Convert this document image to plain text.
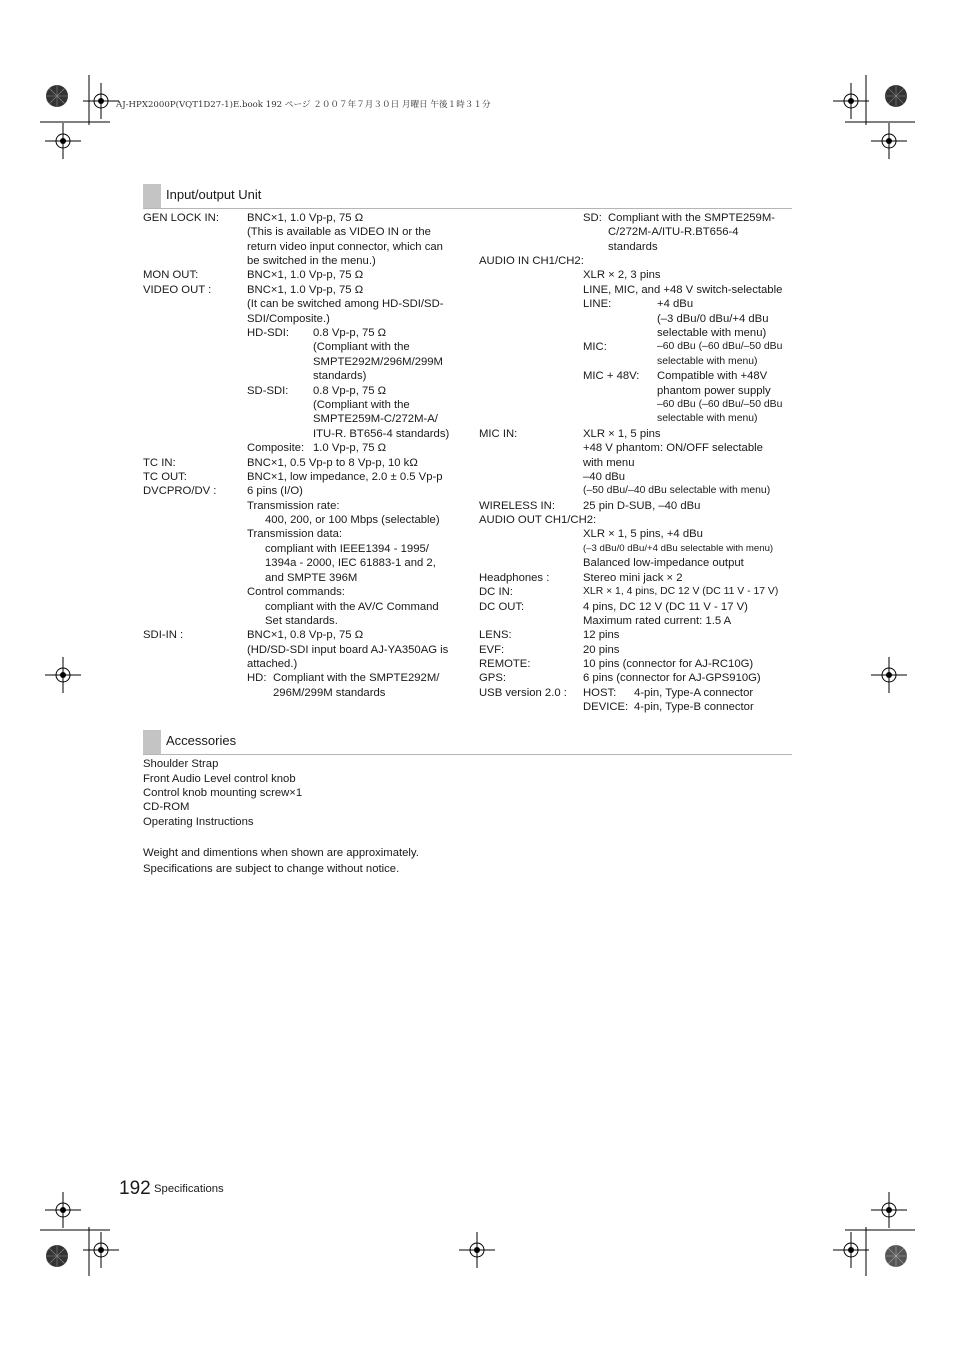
AJ-HPX2000P(VQT1D27-1)E.book 192 ページ ２００７年７月３０日 月曜日 午後１時３１分
Input/output Unit
GEN LOCK IN: BNC×1, 1.0 Vp-p, 75 Ω
(This is available as VIDEO IN or the
return video input connector, which can
be switched in the menu.)
MON OUT:	BNC×1, 1.0 Vp-p, 75 Ω
VIDEO OUT :	BNC×1, 1.0 Vp-p, 75 Ω
(It can be switched among HD-SDI/SD-
SDI/Composite.)
HD-SDI: 0.8 Vp-p, 75 Ω
(Compliant with the
SMPTE292M/296M/299M
standards)
SD-SDI: 0.8 Vp-p, 75 Ω
(Compliant with the
SMPTE259M-C/272M-A/
ITU-R. BT656-4 standards)
Composite: 1.0 Vp-p, 75 Ω
TC IN:	BNC×1, 0.5 Vp-p to 8 Vp-p, 10 kΩ
TC OUT:	BNC×1, low impedance, 2.0 ± 0.5 Vp-p
DVCPRO/DV :	6 pins (I/O)
Transmission rate:
400, 200, or 100 Mbps (selectable)
Transmission data:
compliant with IEEE1394 - 1995/
1394a - 2000, IEC 61883-1 and 2,
and SMPTE 396M
Control commands:
compliant with the AV/C Command
Set standards.
SDI-IN :	BNC×1, 0.8 Vp-p, 75 Ω
(HD/SD-SDI input board AJ-YA350AG is
attached.)
HD: Compliant with the SMPTE292M/
296M/299M standards
SD: Compliant with the SMPTE259M-
C/272M-A/ITU-R.BT656-4
standards
AUDIO IN CH1/CH2:
XLR × 2, 3 pins
LINE, MIC, and +48 V switch-selectable
LINE:	+4 dBu
(–3 dBu/0 dBu/+4 dBu
selectable with menu)
MIC:	–60 dBu (–60 dBu/–50 dBu
selectable with menu)
MIC + 48V: Compatible with +48V
phantom power supply
–60 dBu (–60 dBu/–50 dBu
selectable with menu)
MIC IN:	XLR × 1, 5 pins
+48 V phantom: ON/OFF selectable
with menu
–40 dBu
(–50 dBu/–40 dBu selectable with menu)
WIRELESS IN: 25 pin D-SUB, –40 dBu
AUDIO OUT CH1/CH2:
XLR × 1, 5 pins, +4 dBu
(–3 dBu/0 dBu/+4 dBu selectable with menu)
Balanced low-impedance output
Headphones :	Stereo mini jack × 2
DC IN:	XLR × 1, 4 pins, DC 12 V (DC 11 V - 17 V)
DC OUT:	4 pins, DC 12 V (DC 11 V - 17 V)
Maximum rated current: 1.5 A
LENS:	12 pins
EVF:	20 pins
REMOTE:	10 pins (connector for AJ-RC10G)
GPS:	6 pins (connector for AJ-GPS910G)
USB version 2.0 : HOST: 4-pin, Type-A connector
DEVICE: 4-pin, Type-B connector
Accessories
Shoulder Strap
Front Audio Level control knob
Control knob mounting screw×1
CD-ROM
Operating Instructions
Weight and dimentions when shown are approximately.
Specifications are subject to change without notice.
192 Specifications
